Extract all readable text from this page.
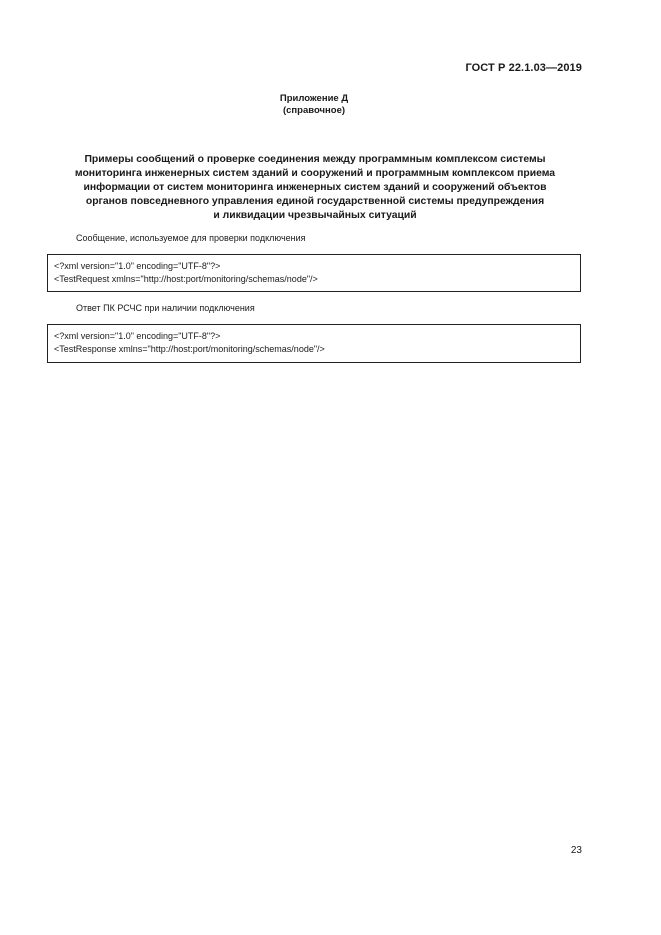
ГОСТ Р 22.1.03—2019
Приложение Д
(справочное)
Примеры сообщений о проверке соединения между программным комплексом системы
мониторинга инженерных систем зданий и сооружений и программным комплексом приема
информации от систем мониторинга инженерных систем зданий и сооружений объектов
органов повседневного управления единой государственной системы предупреждения
и ликвидации чрезвычайных ситуаций
Сообщение, используемое для проверки подключения
<?xml version="1.0" encoding="UTF-8"?>
<TestRequest xmlns="http://host:port/monitoring/schemas/node"/>
Ответ ПК РСЧС при наличии подключения
<?xml version="1.0" encoding="UTF-8"?>
<TestResponse xmlns="http://host:port/monitoring/schemas/node"/>
23
